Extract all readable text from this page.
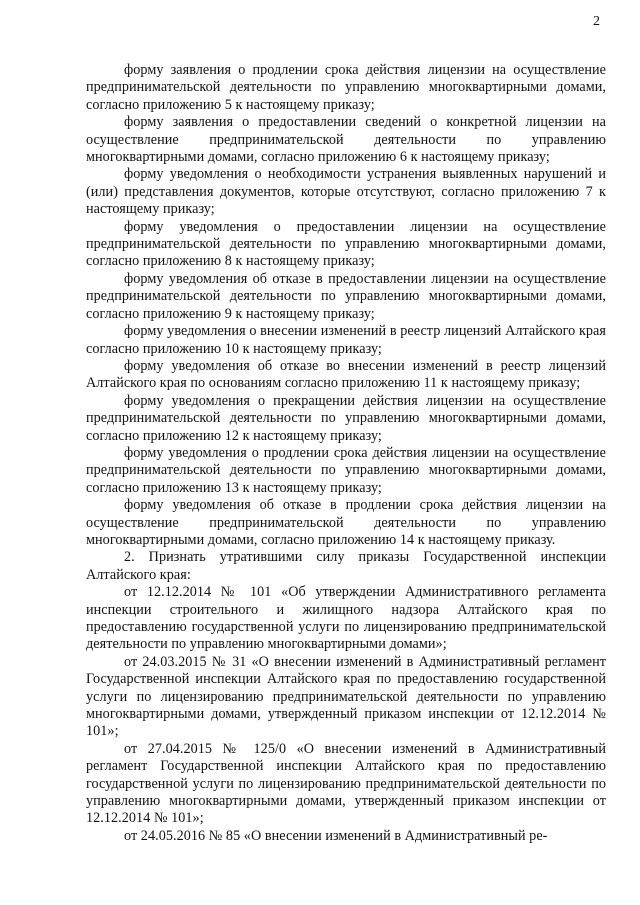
2

форму заявления о продлении срока действия лицензии на осуществление предпринимательской деятельности по управлению многоквартирными домами, согласно приложению 5 к настоящему приказу;

форму заявления о предоставлении сведений о конкретной лицензии на осуществление предпринимательской деятельности по управлению многоквартирными домами, согласно приложению 6 к настоящему приказу;

форму уведомления о необходимости устранения выявленных нарушений и (или) представления документов, которые отсутствуют, согласно приложению 7 к настоящему приказу;

форму уведомления о предоставлении лицензии на осуществление предпринимательской деятельности по управлению многоквартирными домами, согласно приложению 8 к настоящему приказу;

форму уведомления об отказе в предоставлении лицензии на осуществление предпринимательской деятельности по управлению многоквартирными домами, согласно приложению 9 к настоящему приказу;

форму уведомления о внесении изменений в реестр лицензий Алтайского края согласно приложению 10 к настоящему приказу;

форму уведомления об отказе во внесении изменений в реестр лицензий Алтайского края по основаниям согласно приложению 11 к настоящему приказу;

форму уведомления о прекращении действия лицензии на осуществление предпринимательской деятельности по управлению многоквартирными домами, согласно приложению 12 к настоящему приказу;

форму уведомления о продлении срока действия лицензии на осуществление предпринимательской деятельности по управлению многоквартирными домами, согласно приложению 13 к настоящему приказу;

форму уведомления об отказе в продлении срока действия лицензии на осуществление предпринимательской деятельности по управлению многоквартирными домами, согласно приложению 14 к настоящему приказу.

2. Признать утратившими силу приказы Государственной инспекции Алтайского края:

от 12.12.2014 № 101 «Об утверждении Административного регламента инспекции строительного и жилищного надзора Алтайского края по предоставлению государственной услуги по лицензированию предпринимательской деятельности по управлению многоквартирными домами»;

от 24.03.2015 № 31 «О внесении изменений в Административный регламент Государственной инспекции Алтайского края по предоставлению государственной услуги по лицензированию предпринимательской деятельности по управлению многоквартирными домами, утвержденный приказом инспекции от 12.12.2014 № 101»;

от 27.04.2015 № 125/0 «О внесении изменений в Административный регламент Государственной инспекции Алтайского края по предоставлению государственной услуги по лицензированию предпринимательской деятельности по управлению многоквартирными домами, утвержденный приказом инспекции от 12.12.2014 № 101»;

от 24.05.2016 № 85 «О внесении изменений в Административный ре-
